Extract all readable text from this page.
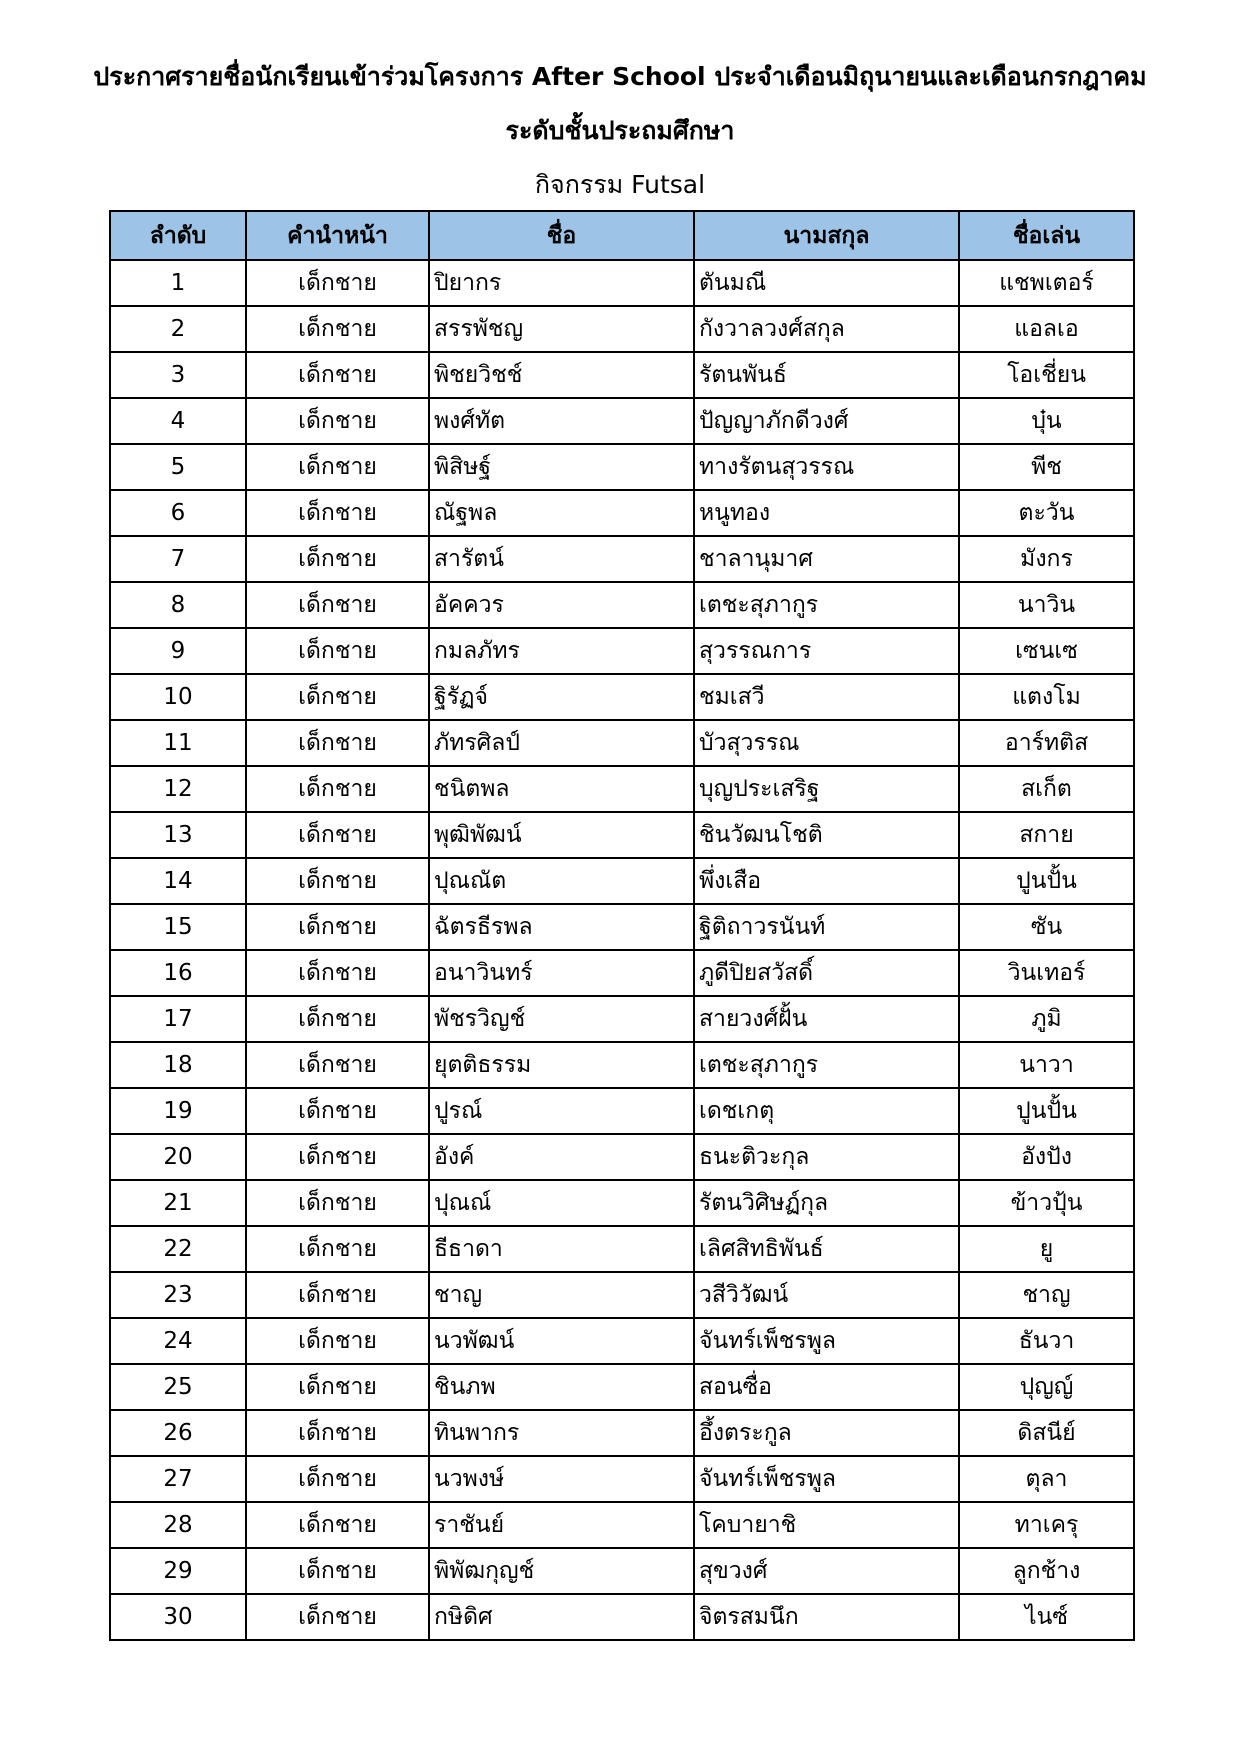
ประกาศรายชื่อนักเรียนเข้าร่วมโครงการ After School ประจำเดือนมิถุนายนและเดือนกรกฎาคม
ระดับชั้นประถมศึกษา
กิจกรรม Futsal
ลำดับ	คำนำหน้า	ชื่อ	นามสกุล	ชื่อเล่น
1	เด็กชาย	ปิยากร	ตันมณี	แชพเตอร์
2	เด็กชาย	สรรพัชญ	กังวาลวงศ์สกุล	แอลเอ
3	เด็กชาย	พิชยวิชช์	รัตนพันธ์	โอเชี่ยน
4	เด็กชาย	พงศ์ทัต	ปัญญาภักดีวงศ์	บุ๋น
5	เด็กชาย	พิสิษฐ์	ทางรัตนสุวรรณ	พีช
6	เด็กชาย	ณัฐพล	หนูทอง	ตะวัน
7	เด็กชาย	สารัตน์	ชาลานุมาศ	มังกร
8	เด็กชาย	อัคควร	เตชะสุภากูร	นาวิน
9	เด็กชาย	กมลภัทร	สุวรรณการ	เซนเซ
10	เด็กชาย	ฐิรัฏจ์	ชมเสวี	แตงโม
11	เด็กชาย	ภัทรศิลป์	บัวสุวรรณ	อาร์ทติส
12	เด็กชาย	ชนิตพล	บุญประเสริฐ	สเก็ต
13	เด็กชาย	พุฒิพัฒน์	ชินวัฒนโชติ	สกาย
14	เด็กชาย	ปุณณัต	พึ่งเสือ	ปูนปั้น
15	เด็กชาย	ฉัตรธีรพล	ฐิติถาวรนันท์	ซัน
16	เด็กชาย	อนาวินทร์	ภูดีปิยสวัสดิ์	วินเทอร์
17	เด็กชาย	พัชรวิญช์	สายวงศ์ฝั้น	ภูมิ
18	เด็กชาย	ยุตติธรรม	เตชะสุภากูร	นาวา
19	เด็กชาย	ปูรณ์	เดชเกตุ	ปูนปั้น
20	เด็กชาย	อังค์	ธนะติวะกุล	อังปัง
21	เด็กชาย	ปุณณ์	รัตนวิศิษฏ์กุล	ข้าวปุ้น
22	เด็กชาย	ธีธาดา	เลิศสิทธิพันธ์	ยู
23	เด็กชาย	ชาญ	วสีวิวัฒน์	ชาญ
24	เด็กชาย	นวพัฒน์	จันทร์เพ็ชรพูล	ธันวา
25	เด็กชาย	ชินภพ	สอนซื่อ	ปุญญ์
26	เด็กชาย	ทินพากร	อึ้งตระกูล	ดิสนีย์
27	เด็กชาย	นวพงษ์	จันทร์เพ็ชรพูล	ตุลา
28	เด็กชาย	ราชันย์	โคบายาชิ	ทาเครุ
29	เด็กชาย	พิพัฒกุญช์	สุขวงศ์	ลูกช้าง
30	เด็กชาย	กษิดิศ	จิตรสมนึก	ไนซ์
